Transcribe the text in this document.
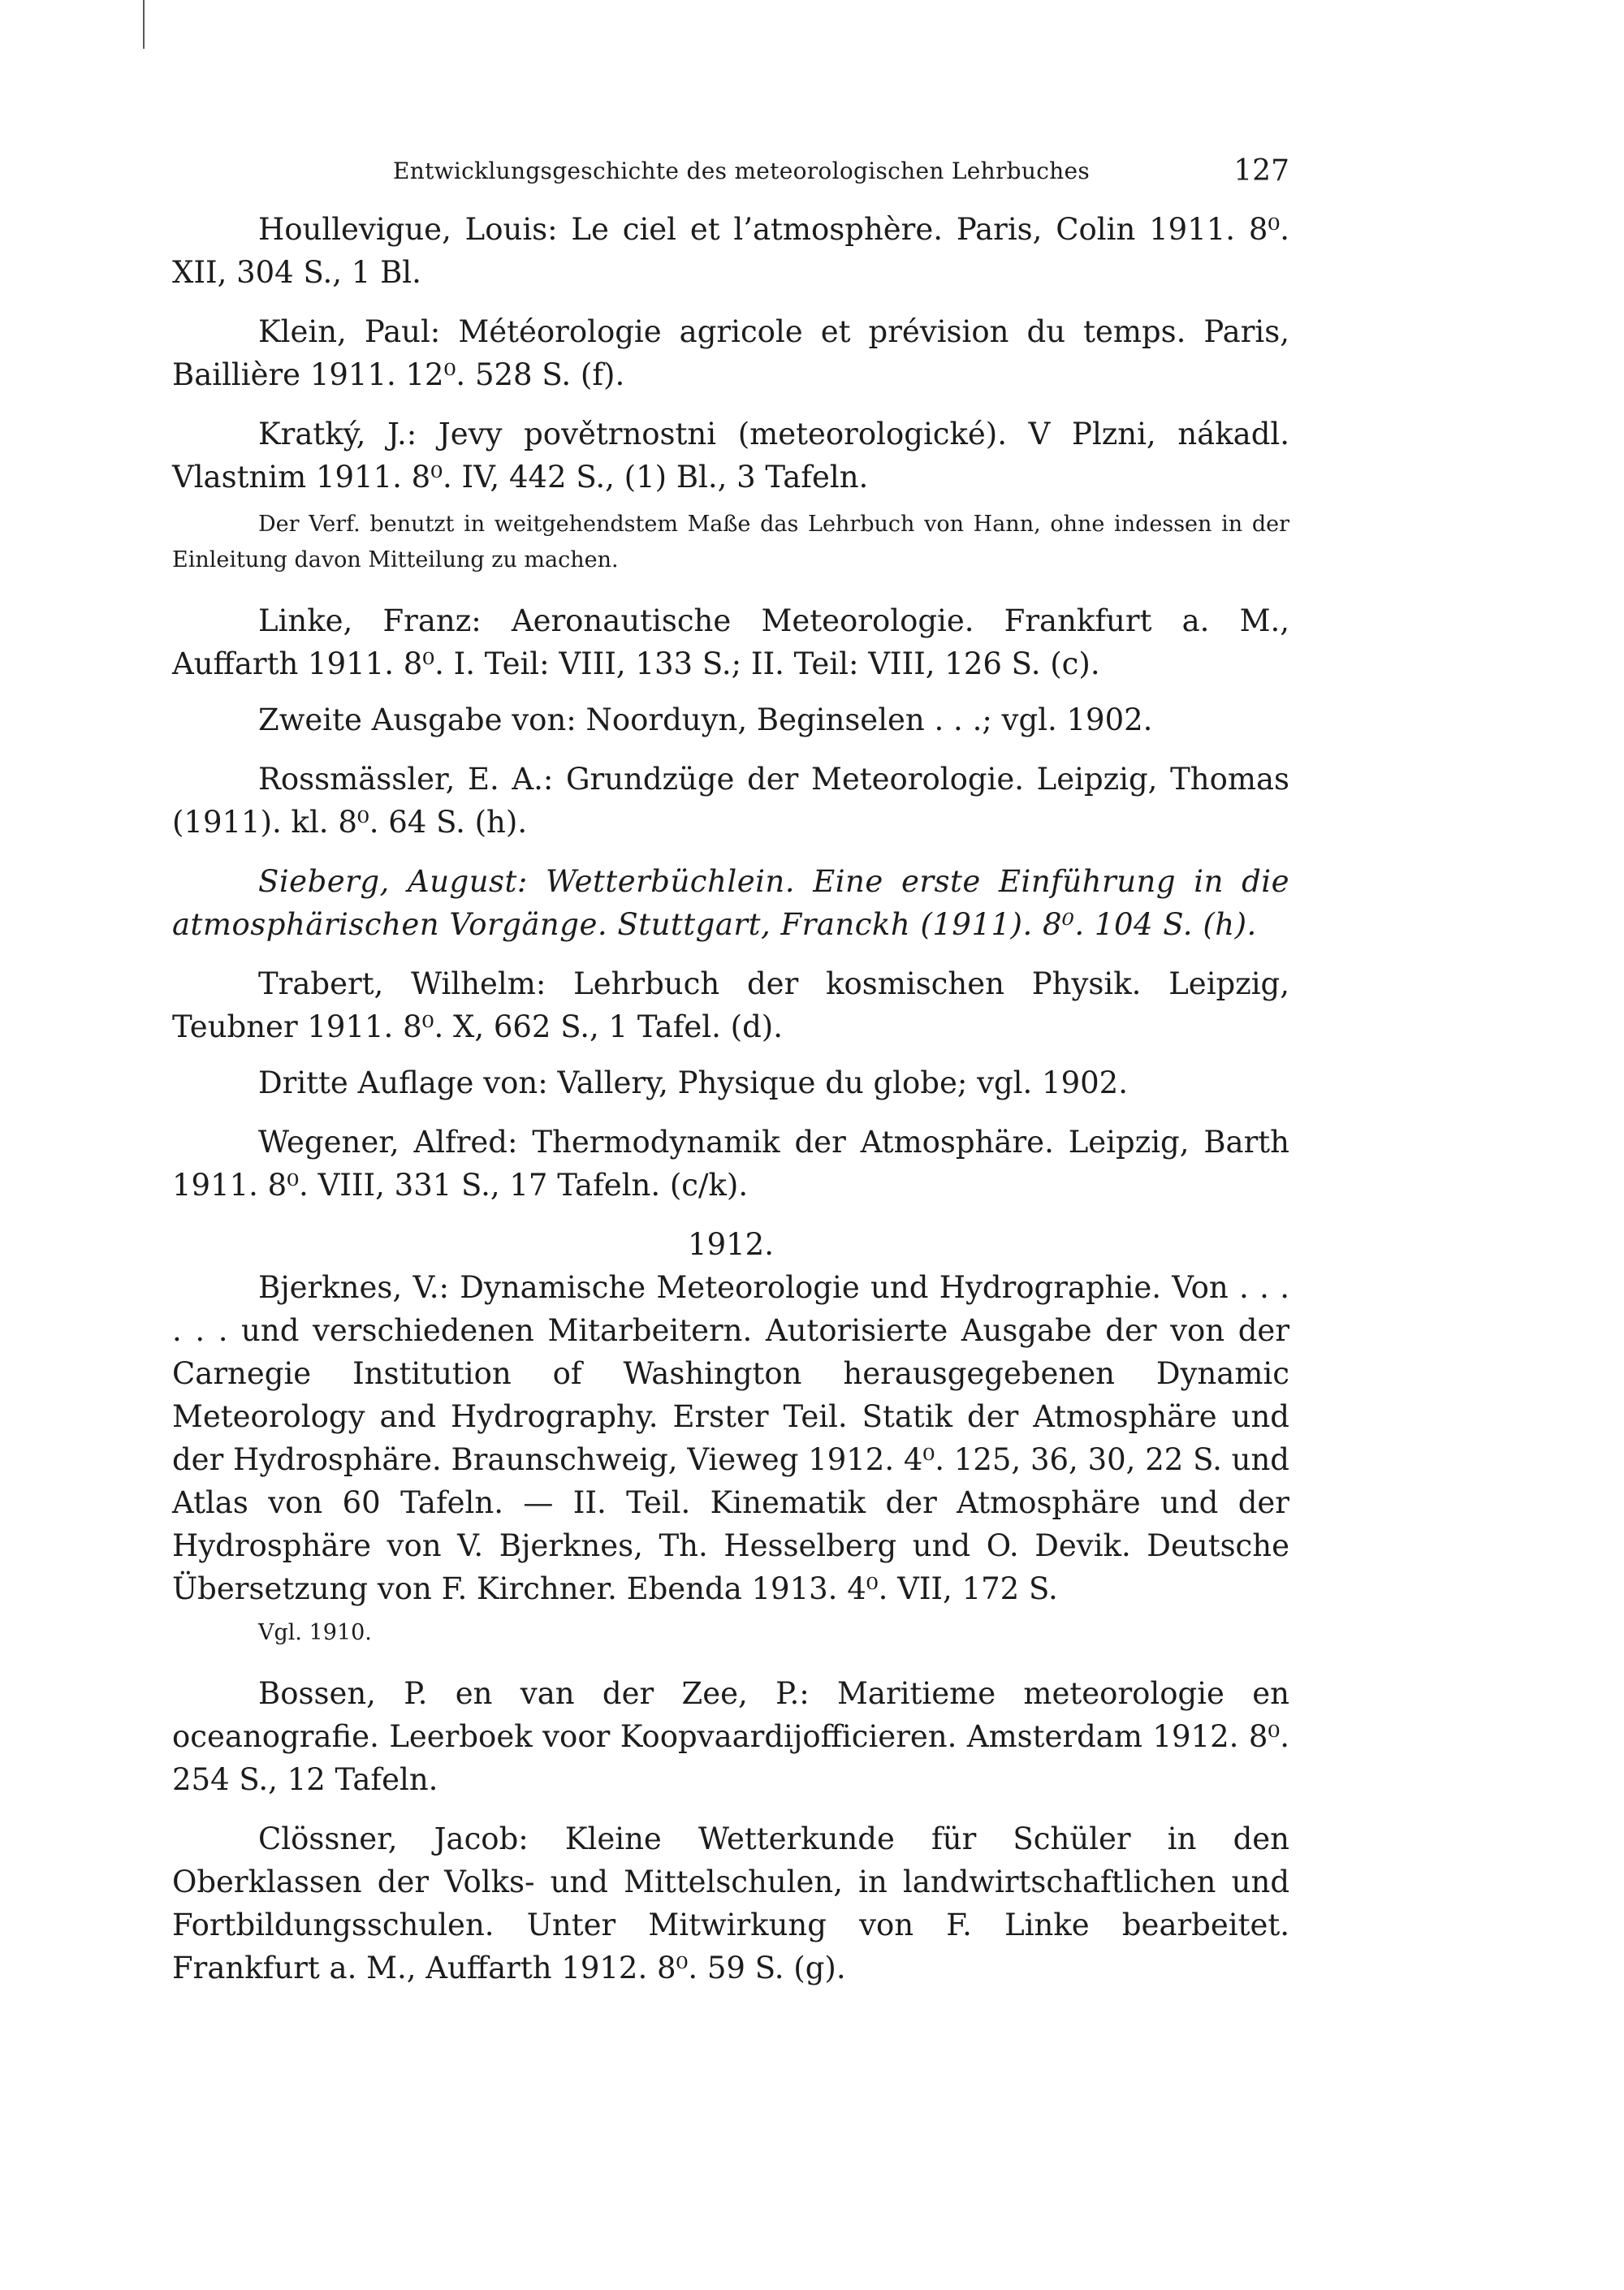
Entwicklungsgeschichte des meteorologischen Lehrbuches	127

Houllevigue, Louis: Le ciel et l’atmosphère. Paris, Colin 1911. 8⁰. XII, 304 S., 1 Bl.

Klein, Paul: Météorologie agricole et prévision du temps. Paris, Baillière 1911. 12⁰. 528 S. (f).

Kratký, J.: Jevy povětrnostni (meteorologické). V Plzni, nákadl. Vlastnim 1911. 8⁰. IV, 442 S., (1) Bl., 3 Tafeln.

Der Verf. benutzt in weitgehendstem Maße das Lehrbuch von Hann, ohne indessen in der Einleitung davon Mitteilung zu machen.

Linke, Franz: Aeronautische Meteorologie. Frankfurt a. M., Auffarth 1911. 8⁰. I. Teil: VIII, 133 S.; II. Teil: VIII, 126 S. (c).

Zweite Ausgabe von: Noorduyn, Beginselen . . .; vgl. 1902.

Rossmässler, E. A.: Grundzüge der Meteorologie. Leipzig, Thomas (1911). kl. 8⁰. 64 S. (h).

Sieberg, August: Wetterbüchlein. Eine erste Einführung in die atmosphärischen Vorgänge. Stuttgart, Franckh (1911). 8⁰. 104 S. (h).

Trabert, Wilhelm: Lehrbuch der kosmischen Physik. Leipzig, Teubner 1911. 8⁰. X, 662 S., 1 Tafel. (d).

Dritte Auflage von: Vallery, Physique du globe; vgl. 1902.

Wegener, Alfred: Thermodynamik der Atmosphäre. Leipzig, Barth 1911. 8⁰. VIII, 331 S., 17 Tafeln. (c/k).

1912.

Bjerknes, V.: Dynamische Meteorologie und Hydrographie. Von . . . . . . und verschiedenen Mitarbeitern. Autorisierte Ausgabe der von der Carnegie Institution of Washington herausgegebenen Dynamic Meteorology and Hydrography. Erster Teil. Statik der Atmosphäre und der Hydrosphäre. Braunschweig, Vieweg 1912. 4⁰. 125, 36, 30, 22 S. und Atlas von 60 Tafeln. — II. Teil. Kinematik der Atmosphäre und der Hydrosphäre von V. Bjerknes, Th. Hesselberg und O. Devik. Deutsche Übersetzung von F. Kirchner. Ebenda 1913. 4⁰. VII, 172 S.

Vgl. 1910.

Bossen, P. en van der Zee, P.: Maritieme meteorologie en oceanografie. Leerboek voor Koopvaardijofficieren. Amsterdam 1912. 8⁰. 254 S., 12 Tafeln.

Clössner, Jacob: Kleine Wetterkunde für Schüler in den Oberklassen der Volks- und Mittelschulen, in landwirtschaftlichen und Fortbildungsschulen. Unter Mitwirkung von F. Linke bearbeitet. Frankfurt a. M., Auffarth 1912. 8⁰. 59 S. (g).
